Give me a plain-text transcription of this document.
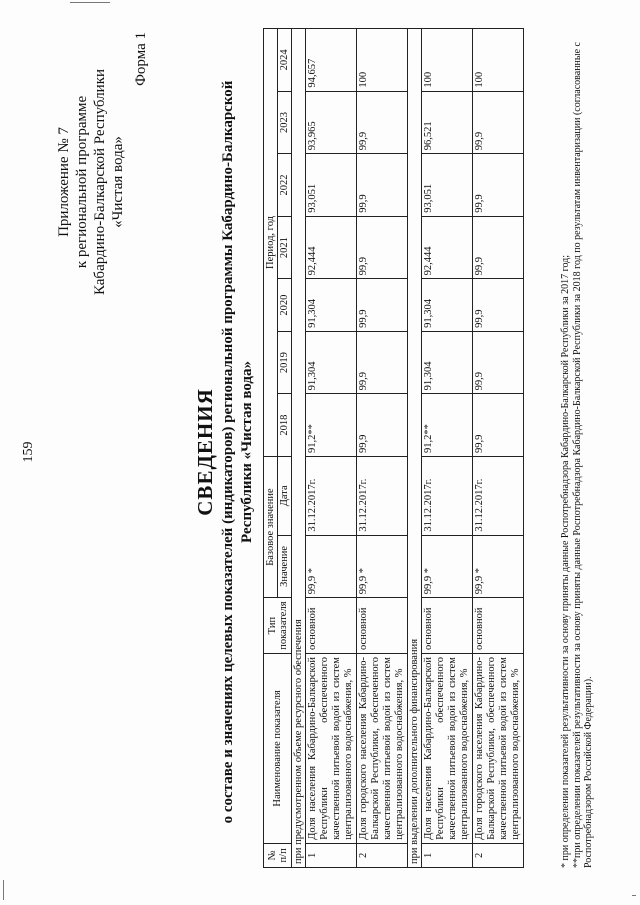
159
Приложение № 7 к региональной программе Кабардино-Балкарской Республики «Чистая вода»
Форма 1
СВЕДЕНИЯ о составе и значениях целевых показателей (индикаторов) региональной программы Кабардино-Балкарской Республики «Чистая вода»
№ п/п	Наименование показателя	Тип показателя	Базовое значение		Период, год						
			Значение	Дата	2018	2019	2020	2021	2022	2023	2024
при предусмотренном объеме ресурсного обеспечения											
1	Доля населения Кабардино-Балкарской Республики обеспеченного качественной питьевой водой из систем централизованного водоснабжения, %	основной	99,9 *	31.12.2017г.	91,2**	91,304	91,304	92,444	93,051	93,965	94,657
2	Доля городского населения Кабардино-Балкарской Республики, обеспеченного качественной питьевой водой из систем централизованного водоснабжения, %	основной	99,9 *	31.12.2017г.	99,9	99,9	99,9	99,9	99,9	99,9	100
при выделении дополнительного финансирования											
1	Доля населения Кабардино-Балкарской Республики обеспеченного качественной питьевой водой из систем централизованного водоснабжения, %	основной	99,9 *	31.12.2017г.	91,2**	91,304	91,304	92,444	93,051	96,521	100
2	Доля городского населения Кабардино-Балкарской Республики, обеспеченного качественной питьевой водой из систем централизованного водоснабжения, %	основной	99,9 *	31.12.2017г.	99,9	99,9	99,9	99,9	99,9	99,9	100
* при определении показателей результативности за основу приняты данные Роспотребнадзора Кабардино-Балкарской Республики за 2017 год; **при определении показателей результативности за основу приняты данные Роспотребнадзора Кабардино-Балкарской Республики за 2018 год по результатам инвентаризации (согласованные с Роспотребнадзором Российской Федерации).
